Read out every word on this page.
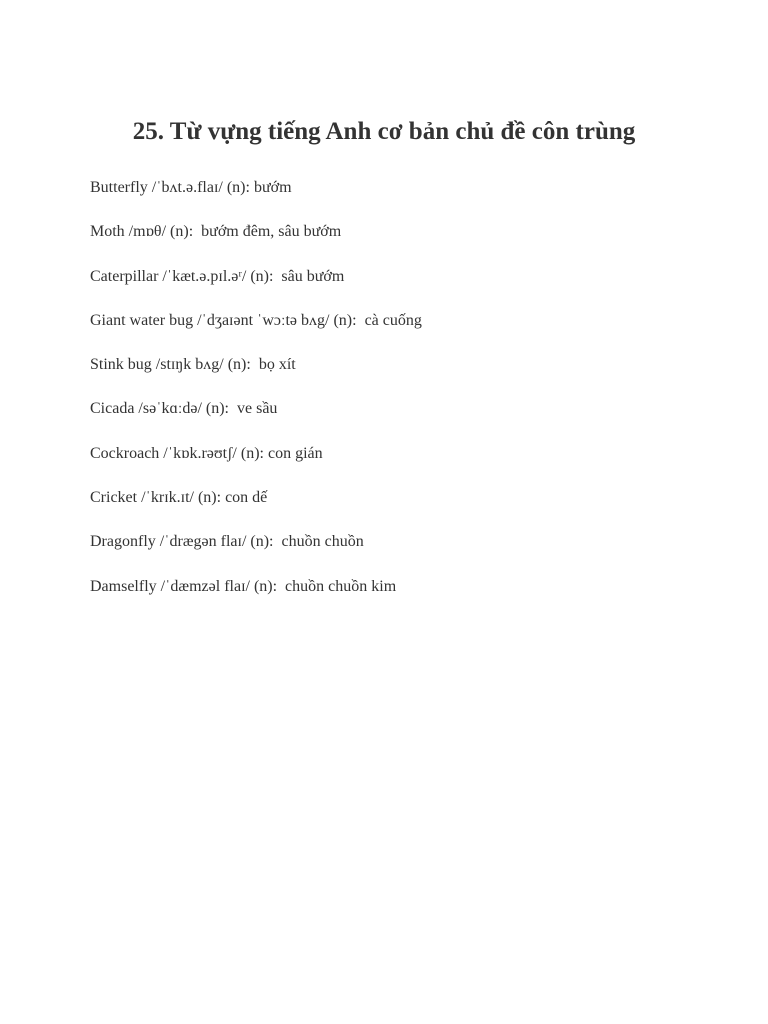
25. Từ vựng tiếng Anh cơ bản chủ đề côn trùng
Butterfly /ˈbʌt.ə.flaɪ/ (n): bướm
Moth /mɒθ/ (n):  bướm đêm, sâu bướm
Caterpillar /ˈkæt.ə.pɪl.əʳ/ (n):  sâu bướm
Giant water bug /ˈdʒaɪənt ˈwɔːtə bʌg/ (n):  cà cuống
Stink bug /stɪŋk bʌg/ (n):  bọ xít
Cicada /səˈkɑːdə/ (n):  ve sầu
Cockroach /ˈkɒk.rəʊtʃ/ (n): con gián
Cricket /ˈkrɪk.ɪt/ (n): con dế
Dragonfly /ˈdrægən flaɪ/ (n):  chuồn chuồn
Damselfly /ˈdæmzəl flaɪ/ (n):  chuồn chuồn kim
